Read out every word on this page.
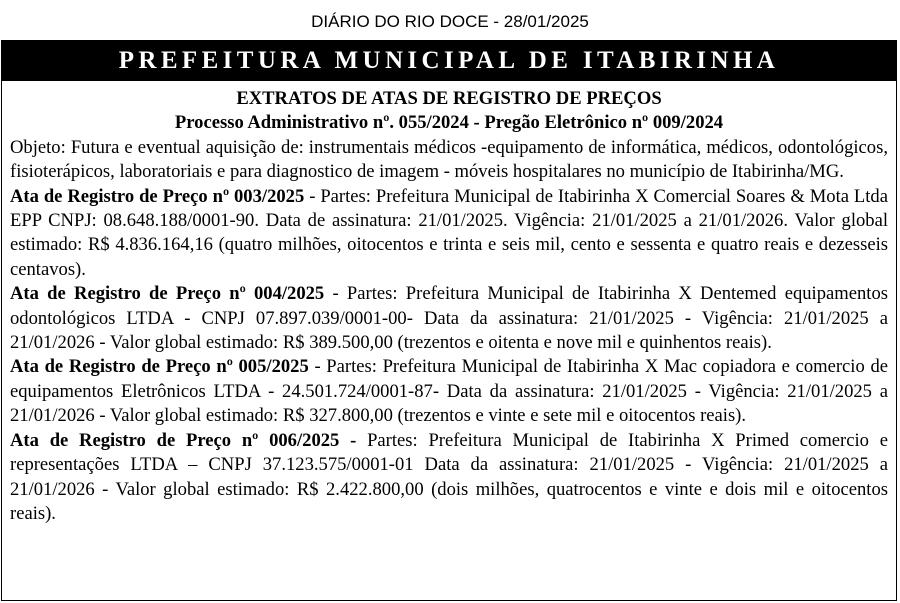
DIÁRIO DO RIO DOCE - 28/01/2025
PREFEITURA MUNICIPAL DE ITABIRINHA

EXTRATOS DE ATAS DE REGISTRO DE PREÇOS

Processo Administrativo nº. 055/2024 - Pregão Eletrônico nº 009/2024

Objeto: Futura e eventual aquisição de: instrumentais médicos -equipamento de informática, médicos, odontológicos, fisioterápicos, laboratoriais e para diagnostico de imagem - móveis hospitalares no município de Itabirinha/MG.

Ata de Registro de Preço nº 003/2025 - Partes: Prefeitura Municipal de Itabirinha X Comercial Soares & Mota Ltda EPP CNPJ: 08.648.188/0001-90. Data de assinatura: 21/01/2025. Vigência: 21/01/2025 a 21/01/2026. Valor global estimado: R$ 4.836.164,16 (quatro milhões, oitocentos e trinta e seis mil, cento e sessenta e quatro reais e dezesseis centavos).

Ata de Registro de Preço nº 004/2025 - Partes: Prefeitura Municipal de Itabirinha X Dentemed equipamentos odontológicos LTDA - CNPJ 07.897.039/0001-00- Data da assinatura: 21/01/2025 - Vigência: 21/01/2025 a 21/01/2026 - Valor global estimado: R$ 389.500,00 (trezentos e oitenta e nove mil e quinhentos reais).

Ata de Registro de Preço nº 005/2025 - Partes: Prefeitura Municipal de Itabirinha X Mac copiadora e comercio de equipamentos Eletrônicos LTDA - 24.501.724/0001-87- Data da assinatura: 21/01/2025 - Vigência: 21/01/2025 a 21/01/2026 - Valor global estimado: R$ 327.800,00 (trezentos e vinte e sete mil e oitocentos reais).

Ata de Registro de Preço nº 006/2025 - Partes: Prefeitura Municipal de Itabirinha X Primed comercio e representações LTDA – CNPJ 37.123.575/0001-01 Data da assinatura: 21/01/2025 - Vigência: 21/01/2025 a 21/01/2026 - Valor global estimado: R$ 2.422.800,00 (dois milhões, quatrocentos e vinte e dois mil e oitocentos reais).
